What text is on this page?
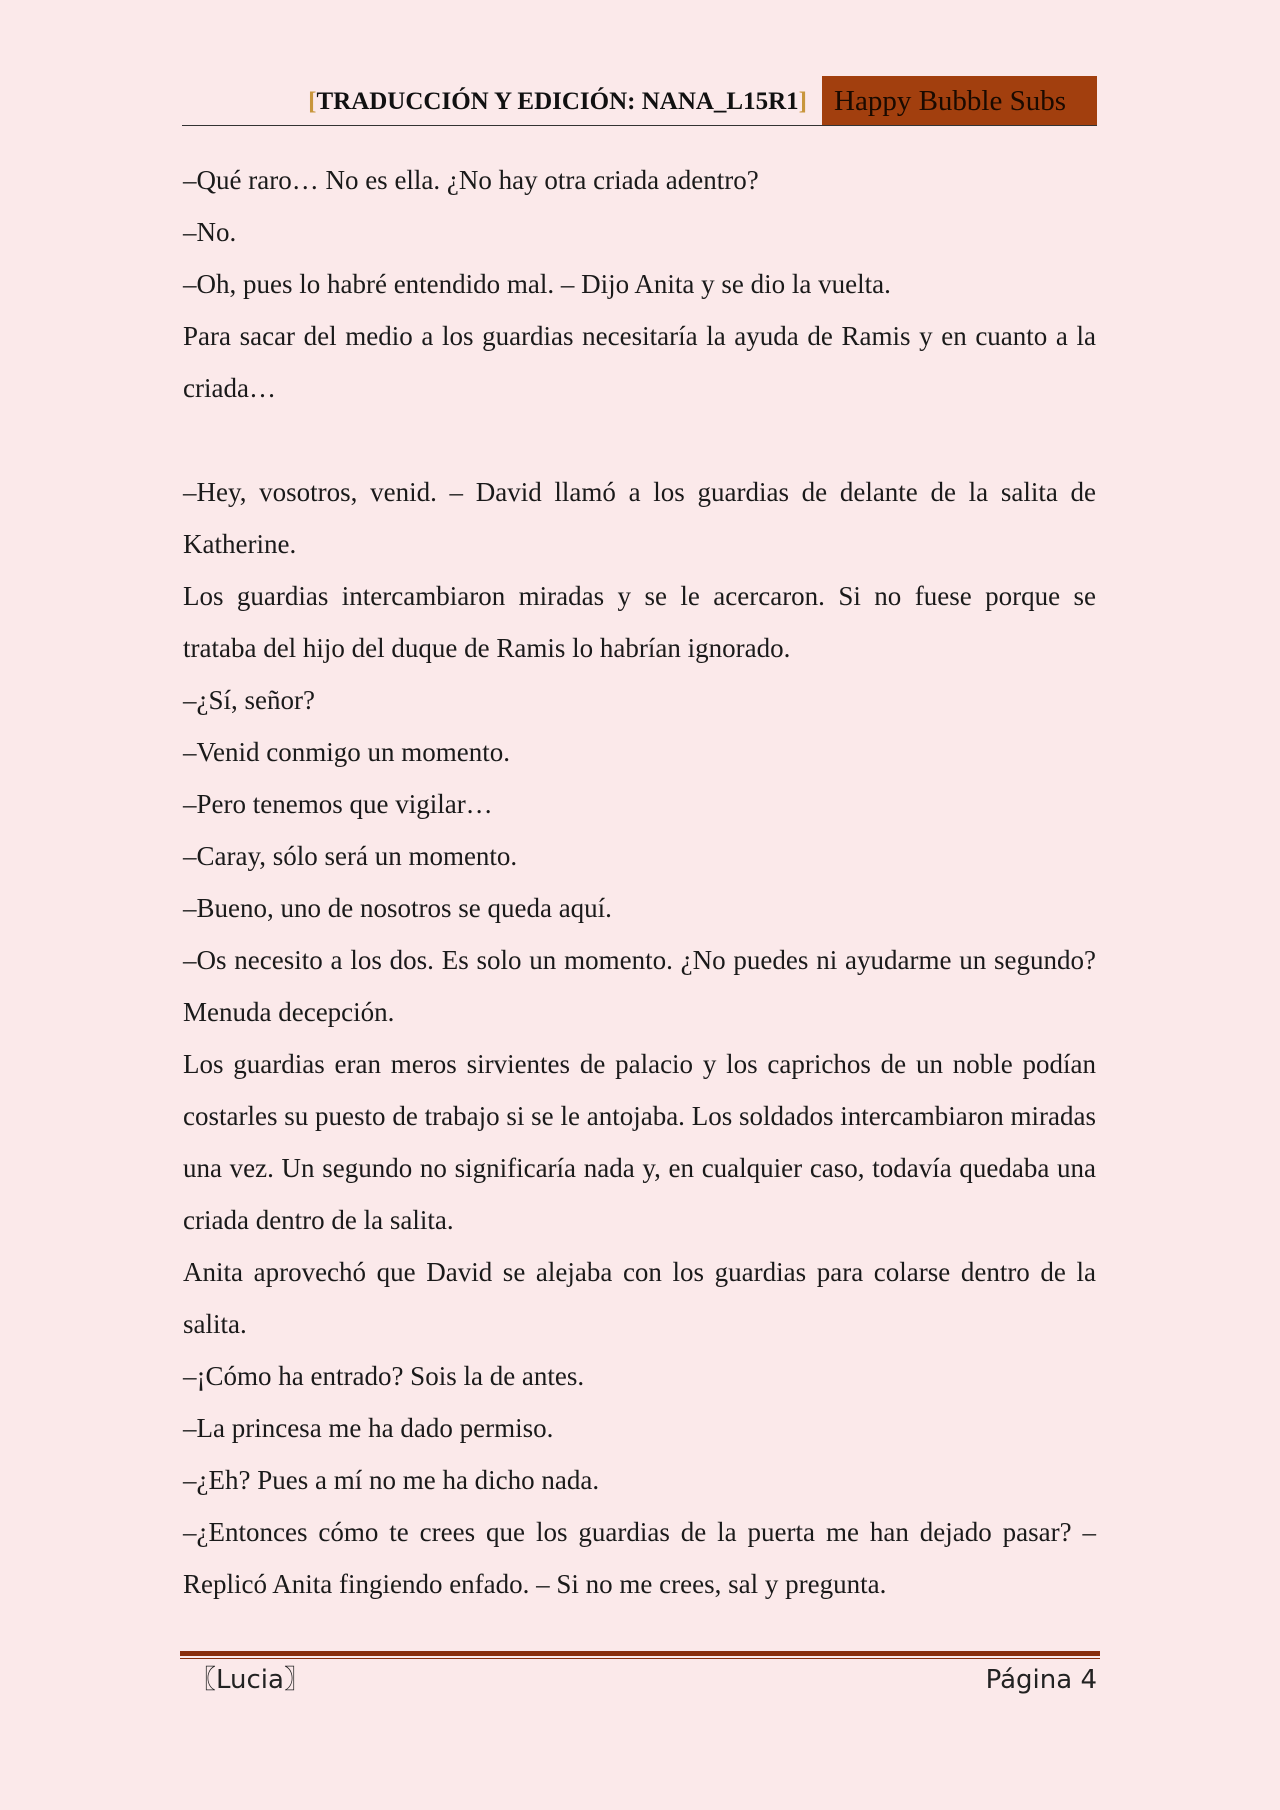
[TRADUCCIÓN Y EDICIÓN: NANA_L15R1] Happy Bubble Subs

–Qué raro… No es ella. ¿No hay otra criada adentro?

–No.

–Oh, pues lo habré entendido mal. – Dijo Anita y se dio la vuelta.

Para sacar del medio a los guardias necesitaría la ayuda de Ramis y en cuanto a la criada…

–Hey, vosotros, venid. – David llamó a los guardias de delante de la salita de Katherine.

Los guardias intercambiaron miradas y se le acercaron. Si no fuese porque se trataba del hijo del duque de Ramis lo habrían ignorado.

–¿Sí, señor?

–Venid conmigo un momento.

–Pero tenemos que vigilar…

–Caray, sólo será un momento.

–Bueno, uno de nosotros se queda aquí.

–Os necesito a los dos. Es solo un momento. ¿No puedes ni ayudarme un segundo? Menuda decepción.

Los guardias eran meros sirvientes de palacio y los caprichos de un noble podían costarles su puesto de trabajo si se le antojaba. Los soldados intercambiaron miradas una vez. Un segundo no significaría nada y, en cualquier caso, todavía quedaba una criada dentro de la salita.

Anita aprovechó que David se alejaba con los guardias para colarse dentro de la salita.

–¡Cómo ha entrado? Sois la de antes.

–La princesa me ha dado permiso.

–¿Eh? Pues a mí no me ha dicho nada.

–¿Entonces cómo te crees que los guardias de la puerta me han dejado pasar? – Replicó Anita fingiendo enfado. – Si no me crees, sal y pregunta.

〖Lucia〗	Página 4
